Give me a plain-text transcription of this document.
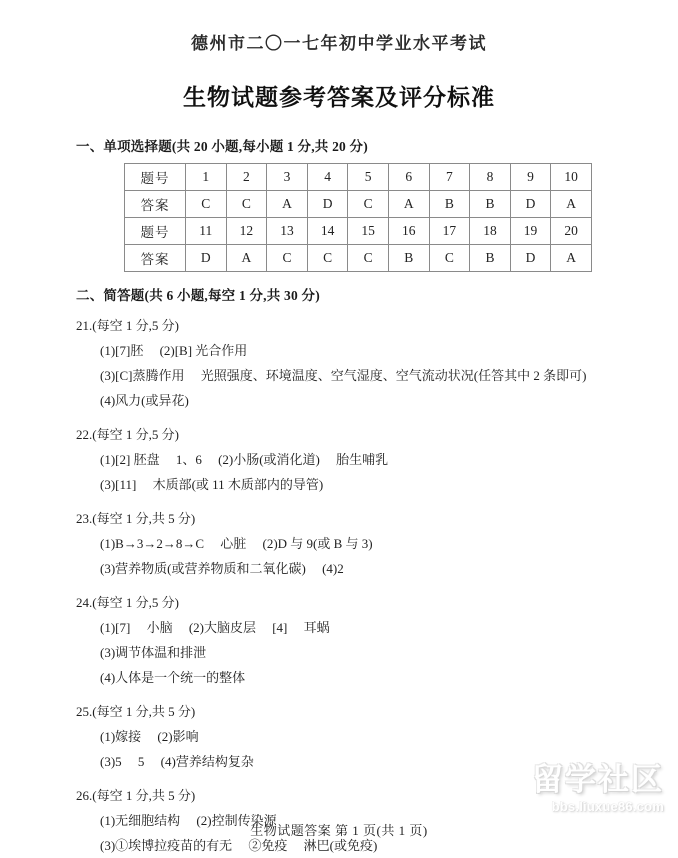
德州市二〇一七年初中学业水平考试
生物试题参考答案及评分标准
一、单项选择题(共 20 小题,每小题 1 分,共 20 分)
题号	1	2	3	4	5	6	7	8	9	10
答案	C	C	A	D	C	A	B	B	D	A
题号	11	12	13	14	15	16	17	18	19	20
答案	D	A	C	C	C	B	C	B	D	A
二、简答题(共 6 小题,每空 1 分,共 30 分)
21.(每空 1 分,5 分)
(1)[7]胚　 (2)[B] 光合作用
(3)[C]蒸腾作用　 光照强度、环境温度、空气湿度、空气流动状况(任答其中 2 条即可)
(4)风力(或异花)
22.(每空 1 分,5 分)
(1)[2] 胚盘　 1、6　 (2)小肠(或消化道)　 胎生哺乳
(3)[11]　 木质部(或 11 木质部内的导管)
23.(每空 1 分,共 5 分)
(1)B→3→2→8→C　 心脏　 (2)D 与 9(或 B 与 3)
(3)营养物质(或营养物质和二氧化碳)　 (4)2
24.(每空 1 分,5 分)
(1)[7]　 小脑　 (2)大脑皮层　 [4]　 耳蜗
(3)调节体温和排泄
(4)人体是一个统一的整体
25.(每空 1 分,共 5 分)
(1)嫁接　 (2)影响
(3)5　 5　 (4)营养结构复杂
26.(每空 1 分,共 5 分)
(1)无细胞结构　 (2)控制传染源
(3)①埃博拉疫苗的有无　 ②免疫　 淋巴(或免疫)
留学社区
bbs.liuxue86.com
生物试题答案 第 1 页(共 1 页)
